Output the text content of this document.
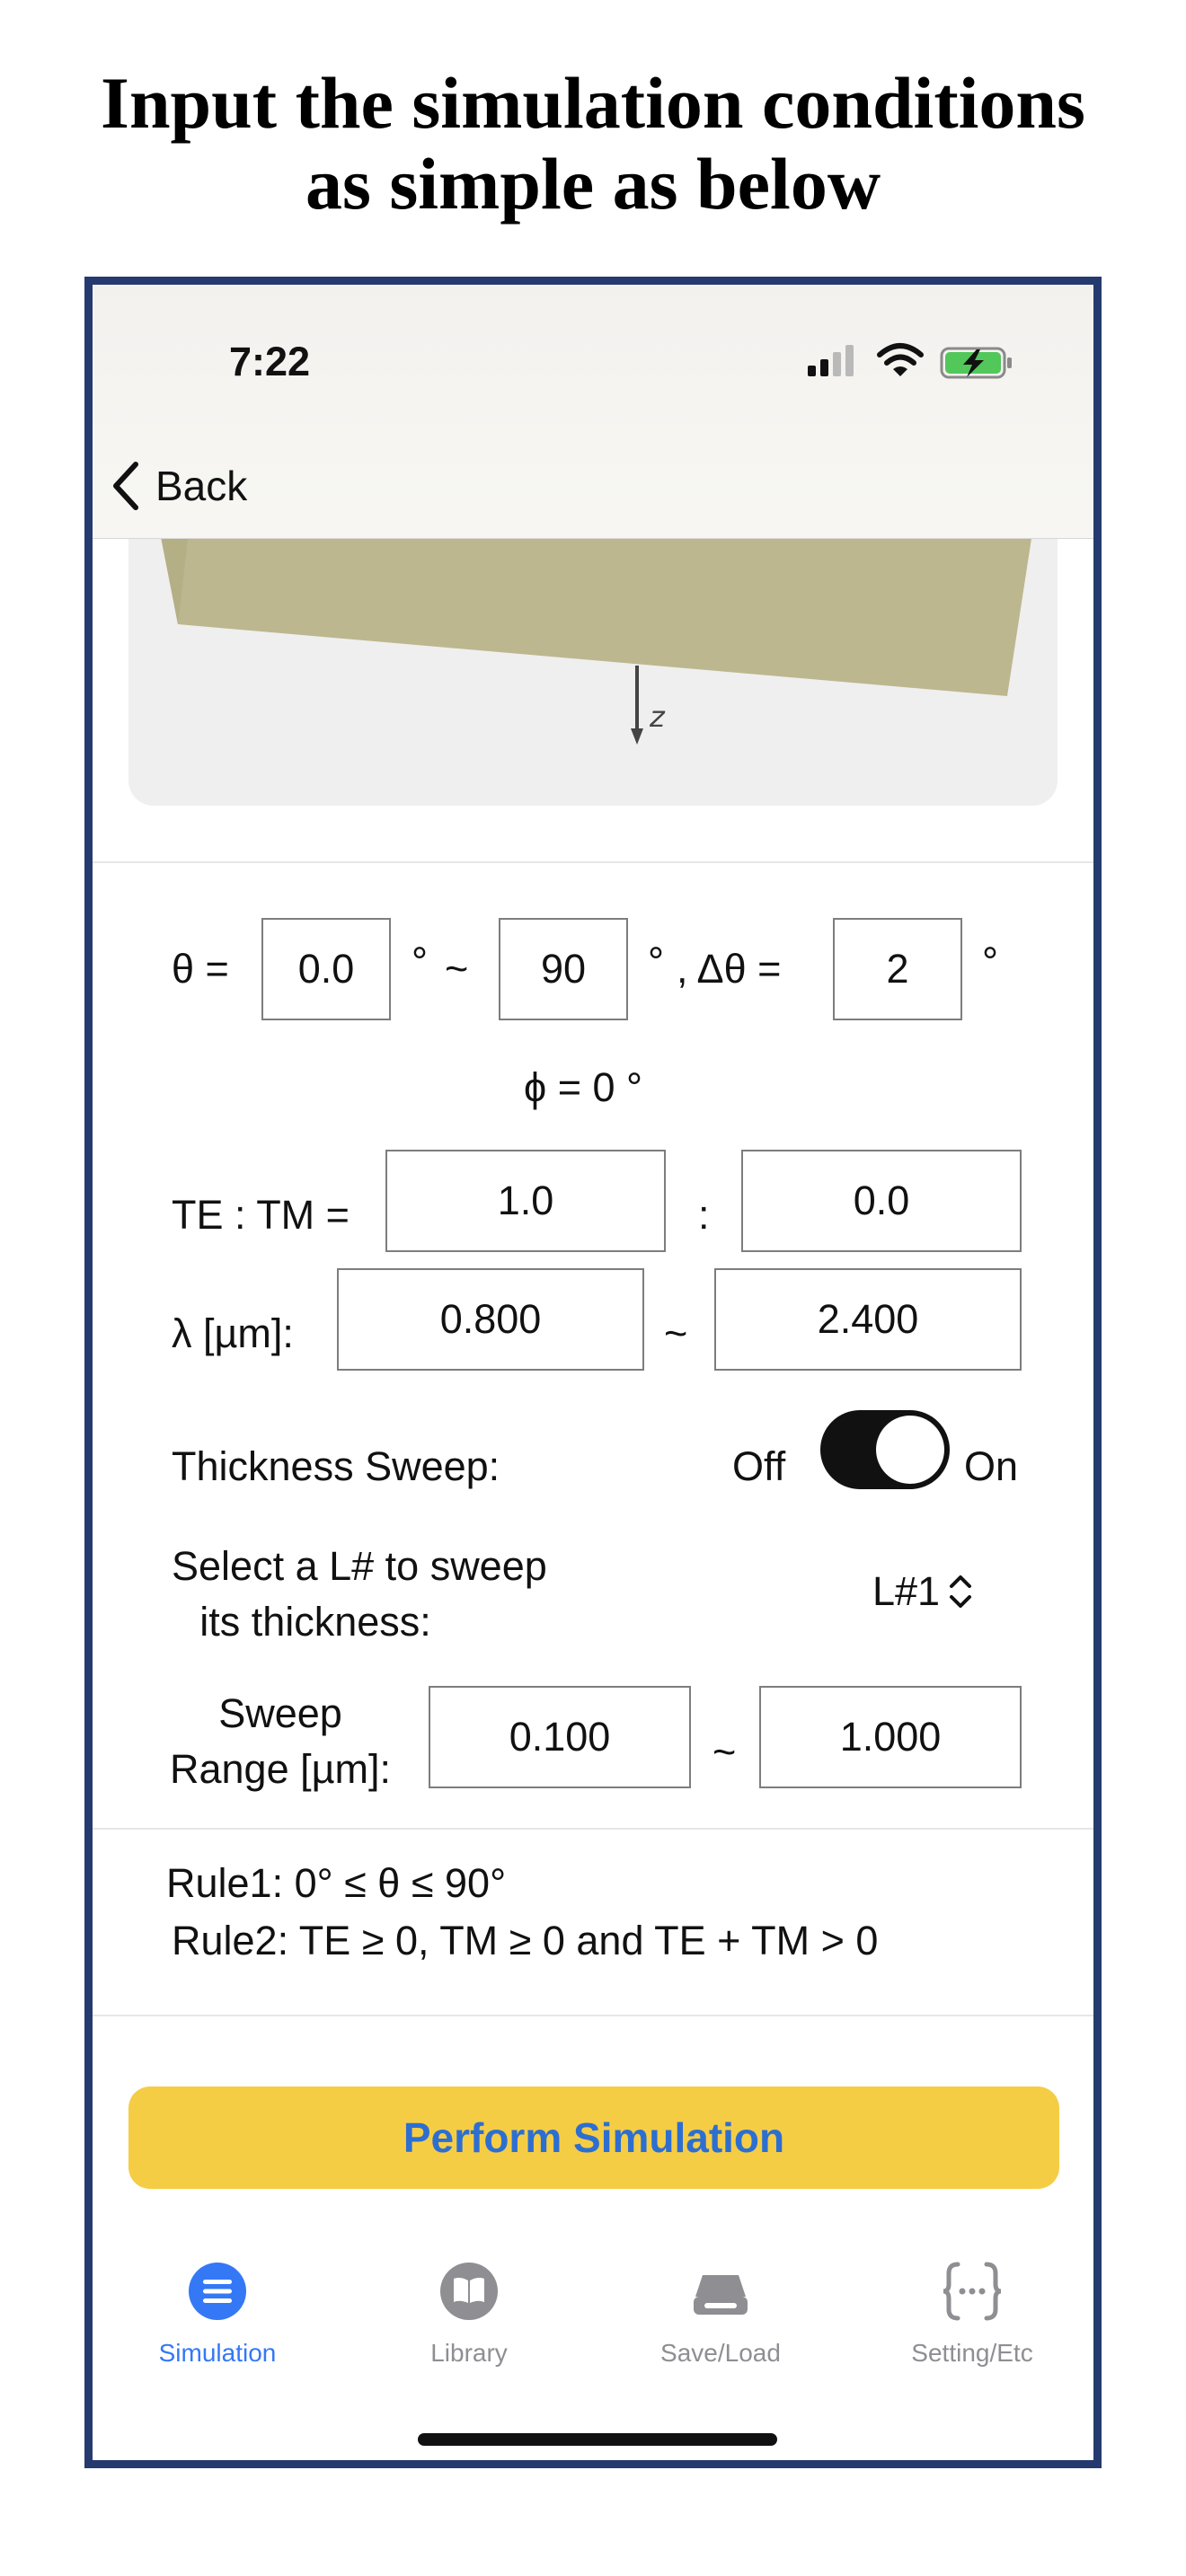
Input the simulation conditions
as simple as below
z
7:22
Back
θ =	0.0	° ~	90	° , Δθ =	2	°
ϕ = 0 °
TE : TM =	1.0	:	0.0
λ [µm]:	0.800	~	2.400
Thickness Sweep:	Off	On
Select a L# to sweep
its thickness:
L#1
Sweep
Range [µm]:
0.100	~	1.000
Rule1: 0° ≤ θ ≤ 90°
Rule2: TE ≥ 0, TM ≥ 0 and TE + TM > 0
Perform Simulation
Simulation	Library	Save/Load	Setting/Etc
